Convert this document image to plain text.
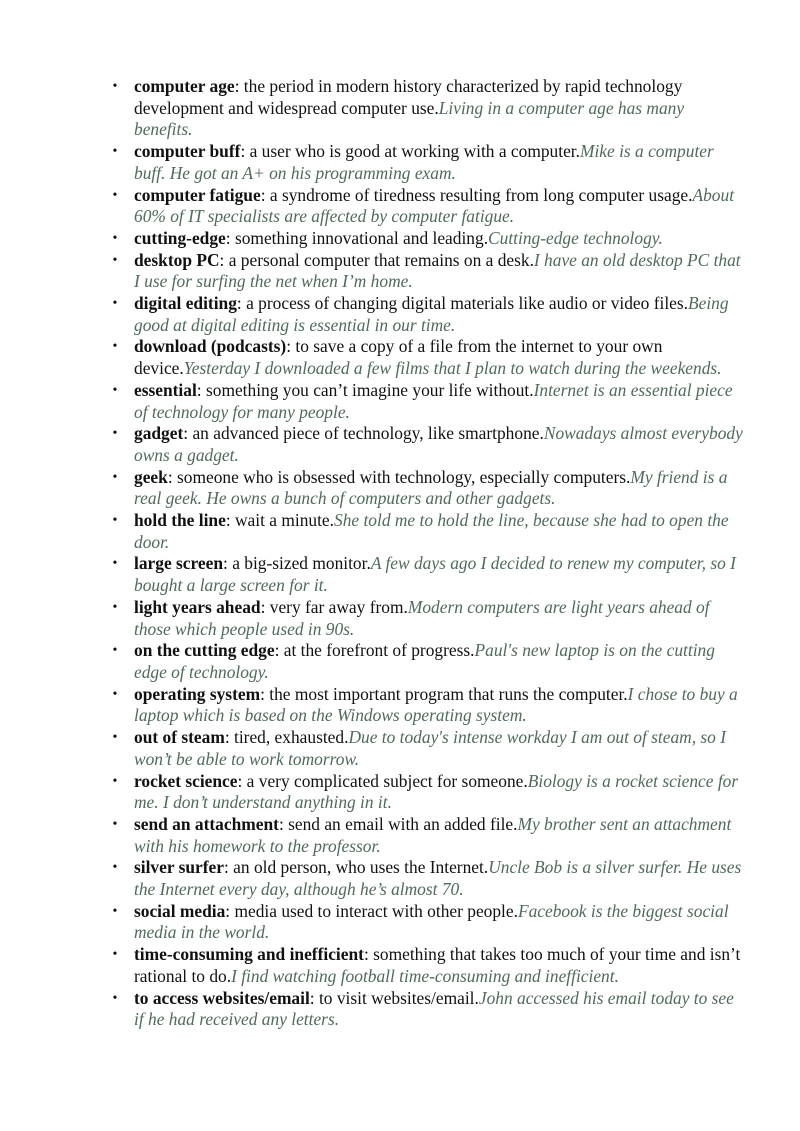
• computer age: the period in modern history characterized by rapid technology development and widespread computer use.Living in a computer age has many benefits.
• computer buff: a user who is good at working with a computer.Mike is a computer buff. He got an A+ on his programming exam.
• computer fatigue: a syndrome of tiredness resulting from long computer usage.About 60% of IT specialists are affected by computer fatigue.
• cutting-edge: something innovational and leading.Cutting-edge technology.
• desktop PC: a personal computer that remains on a desk.I have an old desktop PC that I use for surfing the net when I’m home.
• digital editing: a process of changing digital materials like audio or video files.Being good at digital editing is essential in our time.
• download (podcasts): to save a copy of a file from the internet to your own device.Yesterday I downloaded a few films that I plan to watch during the weekends.
• essential: something you can’t imagine your life without.Internet is an essential piece of technology for many people.
• gadget: an advanced piece of technology, like smartphone.Nowadays almost everybody owns a gadget.
• geek: someone who is obsessed with technology, especially computers.My friend is a real geek. He owns a bunch of computers and other gadgets.
• hold the line: wait a minute.She told me to hold the line, because she had to open the door.
• large screen: a big-sized monitor.A few days ago I decided to renew my computer, so I bought a large screen for it.
• light years ahead: very far away from.Modern computers are light years ahead of those which people used in 90s.
• on the cutting edge: at the forefront of progress.Paul's new laptop is on the cutting edge of technology.
• operating system: the most important program that runs the computer.I chose to buy a laptop which is based on the Windows operating system.
• out of steam: tired, exhausted.Due to today's intense workday I am out of steam, so I won’t be able to work tomorrow.
• rocket science: a very complicated subject for someone.Biology is a rocket science for me. I don’t understand anything in it.
• send an attachment: send an email with an added file.My brother sent an attachment with his homework to the professor.
• silver surfer: an old person, who uses the Internet.Uncle Bob is a silver surfer. He uses the Internet every day, although he’s almost 70.
• social media: media used to interact with other people.Facebook is the biggest social media in the world.
• time-consuming and inefficient: something that takes too much of your time and isn’t rational to do.I find watching football time-consuming and inefficient.
• to access websites/email: to visit websites/email.John accessed his email today to see if he had received any letters.
